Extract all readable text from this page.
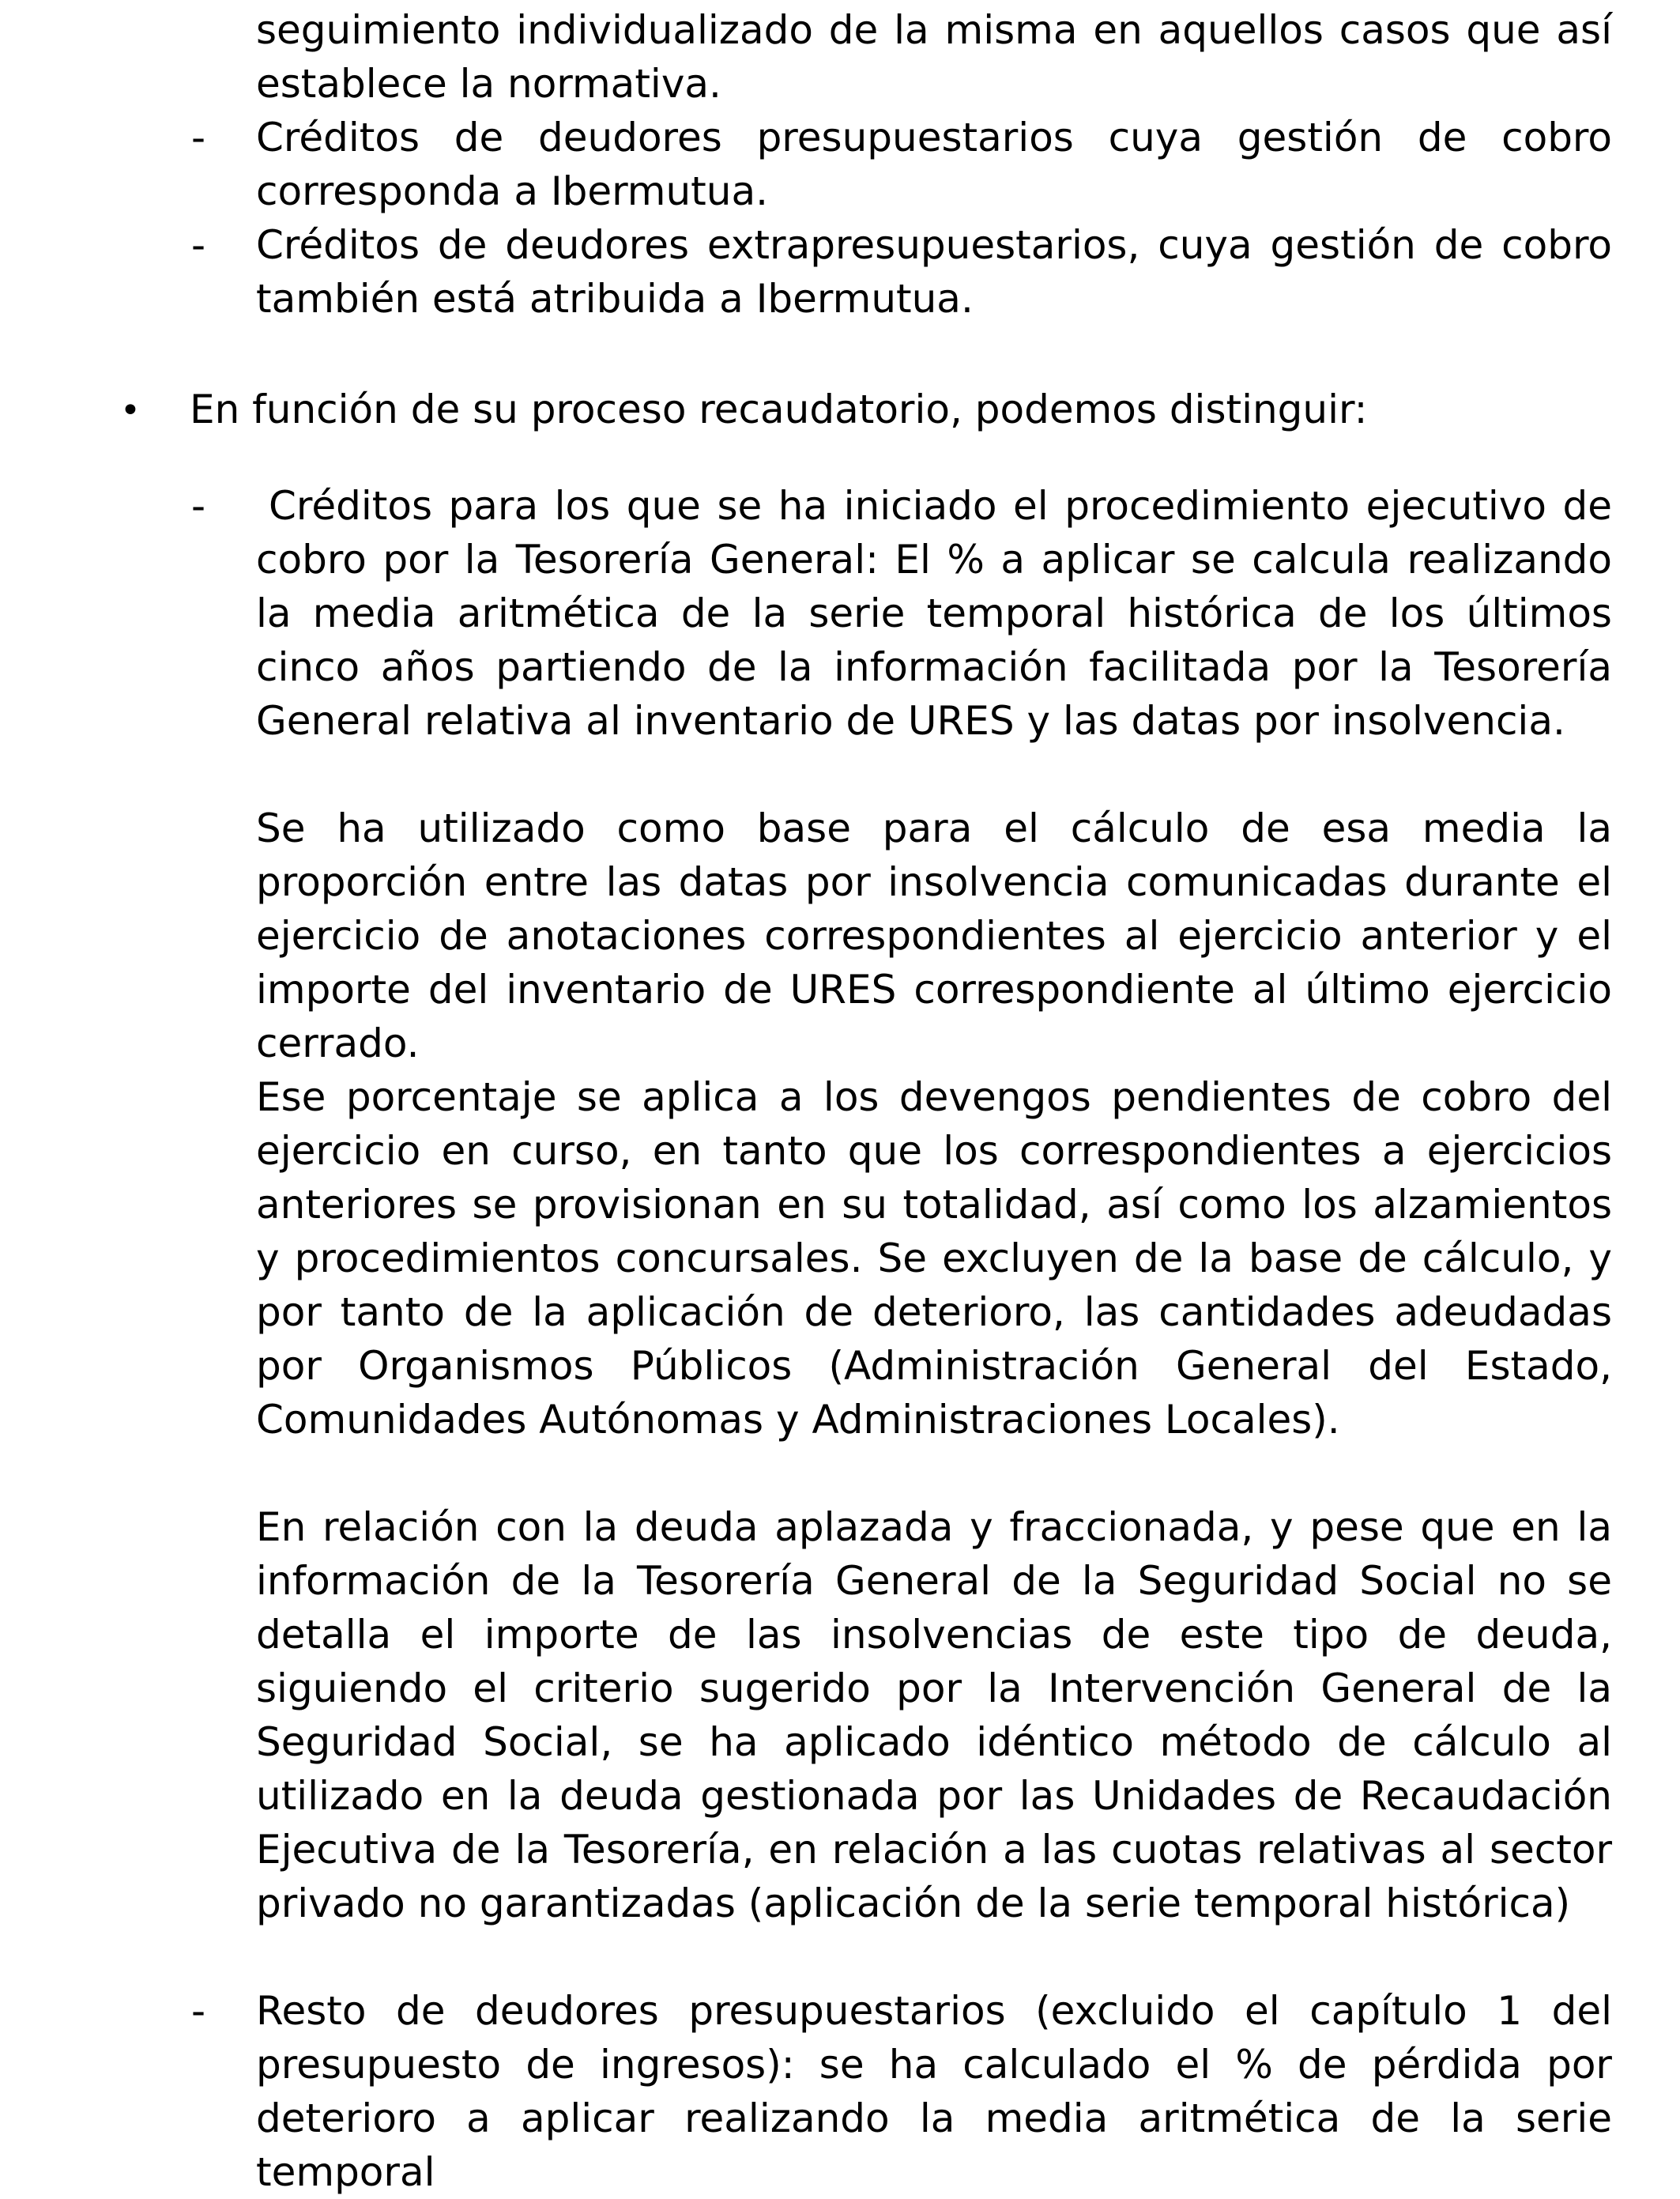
seguimiento individualizado de la misma en aquellos casos que así establece la normativa.

- Créditos de deudores presupuestarios cuya gestión de cobro corresponda a Ibermutua.

- Créditos de deudores extrapresupuestarios, cuya gestión de cobro también está atribuida a Ibermutua.

• En función de su proceso recaudatorio, podemos distinguir:

-	Créditos para los que se ha iniciado el procedimiento ejecutivo de cobro por la Tesorería General: El % a aplicar se calcula realizando la media aritmética de la serie temporal histórica de los últimos cinco años partiendo de la información facilitada por la Tesorería General relativa al inventario de URES y las datas por insolvencia.

Se ha utilizado como base para el cálculo de esa media la proporción entre las datas por insolvencia comunicadas durante el ejercicio de anotaciones correspondientes al ejercicio anterior y el importe del inventario de URES correspondiente al último ejercicio cerrado.

Ese porcentaje se aplica a los devengos pendientes de cobro del ejercicio en curso, en tanto que los correspondientes a ejercicios anteriores se provisionan en su totalidad, así como los alzamientos y procedimientos concursales. Se excluyen de la base de cálculo, y por tanto de la aplicación de deterioro, las cantidades adeudadas por Organismos Públicos (Administración General del Estado, Comunidades Autónomas y Administraciones Locales).

En relación con la deuda aplazada y fraccionada, y pese que en la información de la Tesorería General de la Seguridad Social no se detalla el importe de las insolvencias de este tipo de deuda, siguiendo el criterio sugerido por la Intervención General de la Seguridad Social, se ha aplicado idéntico método de cálculo al utilizado en la deuda gestionada por las Unidades de Recaudación Ejecutiva de la Tesorería, en relación a las cuotas relativas al sector privado no garantizadas (aplicación de la serie temporal histórica)

- Resto de deudores presupuestarios (excluido el capítulo 1 del presupuesto de ingresos): se ha calculado el % de pérdida por deterioro a aplicar realizando la media aritmética de la serie temporal
